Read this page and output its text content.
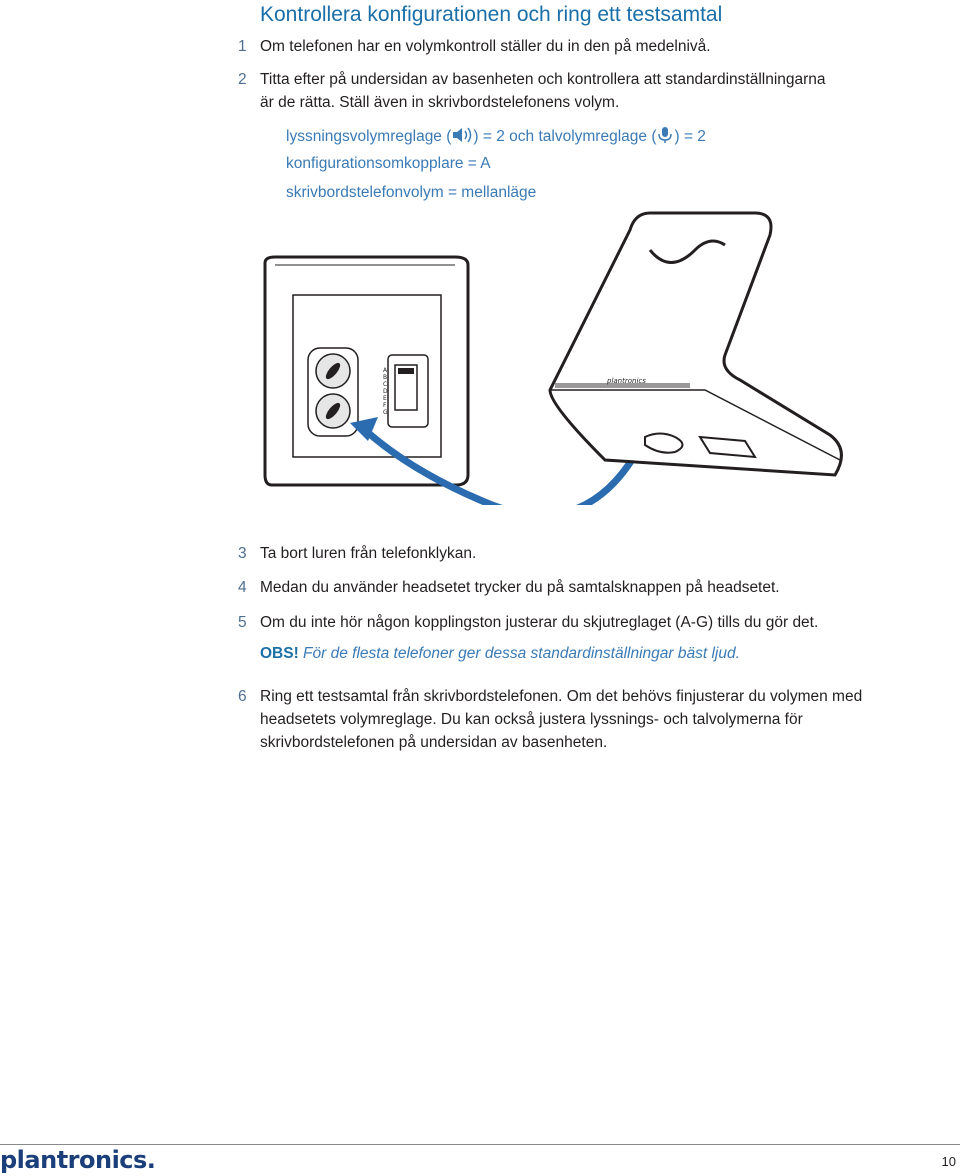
Kontrollera konfigurationen och ring ett testsamtal
1 Om telefonen har en volymkontroll ställer du in den på medelnivå.
2 Titta efter på undersidan av basenheten och kontrollera att standardinställningarna är de rätta. Ställ även in skrivbordstelefonens volym.
lyssningsvolymreglage ( ) = 2 och talvolymreglage ( ) = 2
konfigurationsomkopplare = A
skrivbordstelefonvolym = mellanläge
A
B
C
D
E
F
G
plantronics
3 Ta bort luren från telefonklykan.
4 Medan du använder headsetet trycker du på samtalsknappen på headsetet.
5 Om du inte hör någon kopplingston justerar du skjutreglaget (A-G) tills du gör det.
OBS! För de flesta telefoner ger dessa standardinställningar bäst ljud.
6 Ring ett testsamtal från skrivbordstelefonen. Om det behövs finjusterar du volymen med headsetets volymreglage. Du kan också justera lyssnings- och talvolymerna för skrivbordstelefonen på undersidan av basenheten.
plantronics.	10
